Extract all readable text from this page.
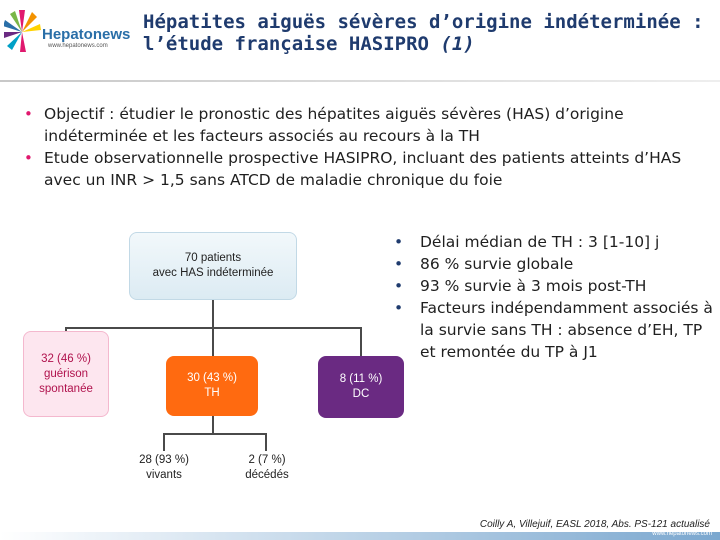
Hepatonews
www.hepatonews.com
Hépatites aiguës sévères d’origine indéterminée :
l’étude française HASIPRO (1)
• Objectif : étudier le pronostic des hépatites aiguës sévères (HAS) d’origine indéterminée et les facteurs associés au recours à la TH
• Etude observationnelle prospective HASIPRO, incluant des patients atteints d’HAS avec un INR > 1,5 sans ATCD de maladie chronique du foie
• Délai médian de TH : 3 [1-10] j
• 86 % survie globale
• 93 % survie à 3 mois post-TH
• Facteurs indépendamment associés à la survie sans TH : absence d’EH, TP et remontée du TP à J1
70 patients
avec HAS indéterminée
32 (46 %)
guérison
spontanée
30 (43 %)
TH
8 (11 %)
DC
28 (93 %)
vivants
2 (7 %)
décédés
Coilly A, Villejuif, EASL 2018, Abs. PS-121 actualisé
www.hepatonews.com
